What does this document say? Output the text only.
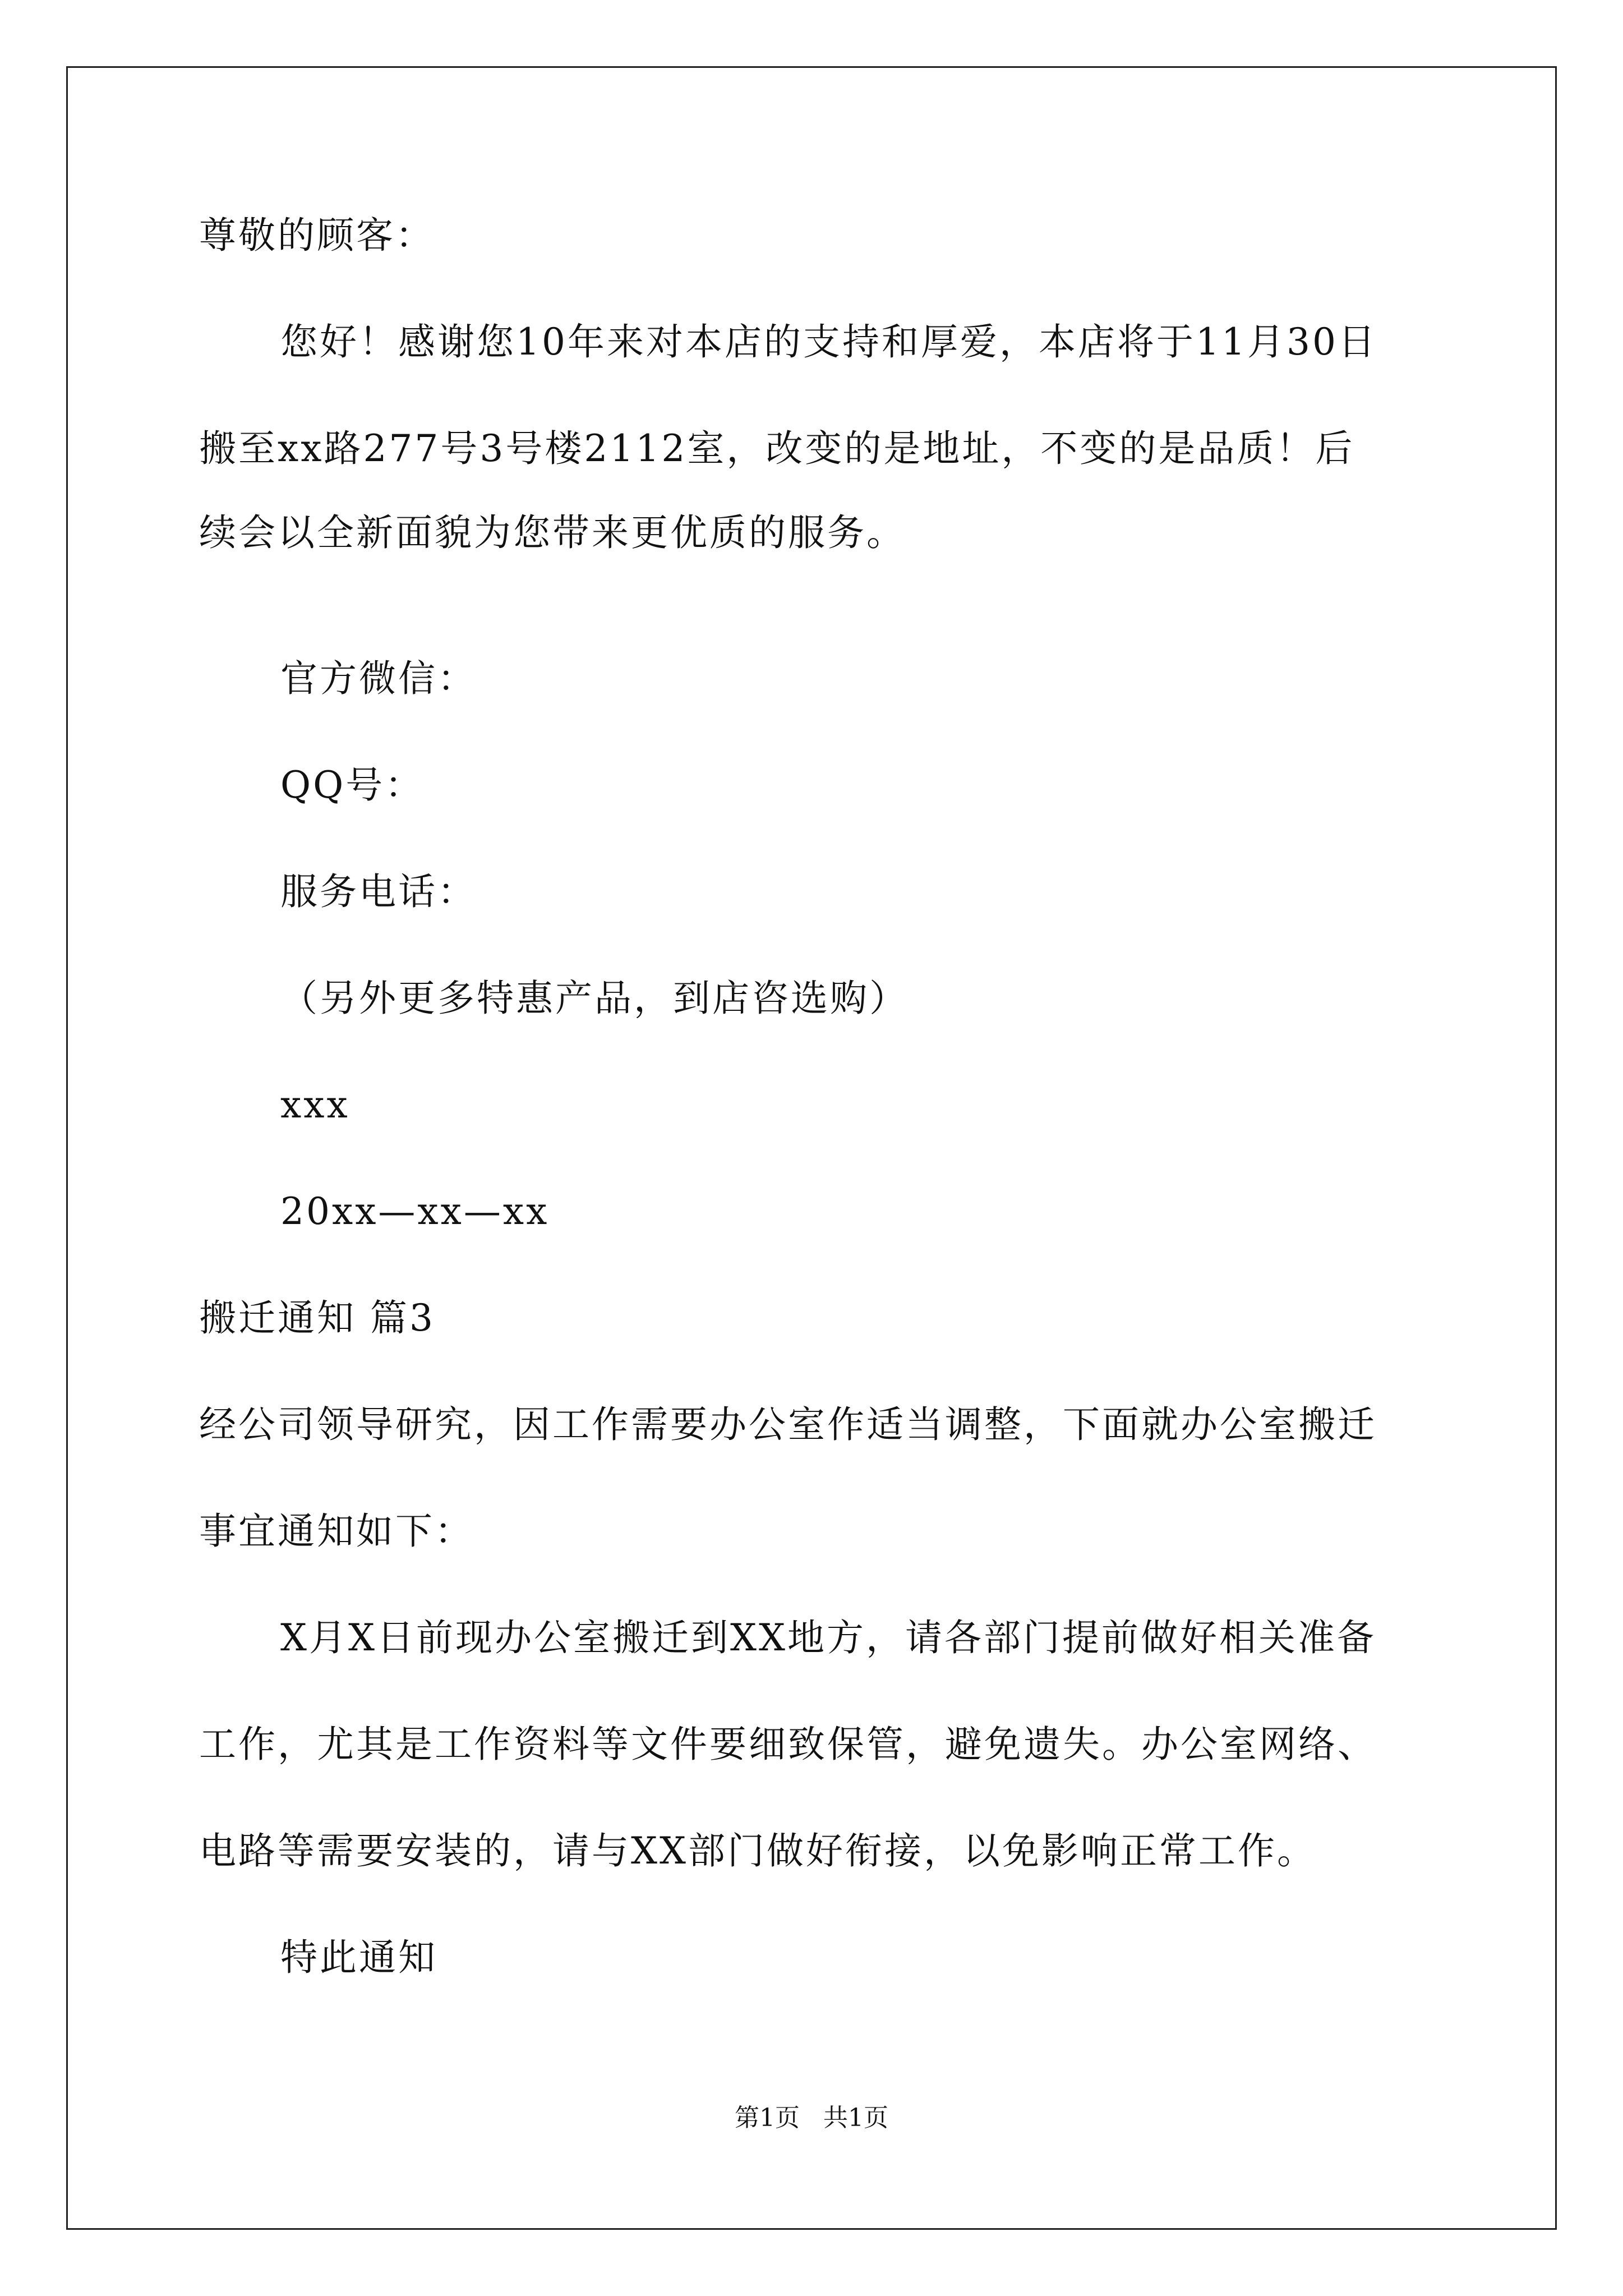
尊敬的顾客：
您好！感谢您10年来对本店的支持和厚爱，本店将于11月30日
搬至xx路277号3号楼2112室，改变的是地址，不变的是品质！后
续会以全新面貌为您带来更优质的服务。
官方微信：
QQ号：
服务电话：
（另外更多特惠产品，到店咨选购）
xxx
20xx—xx—xx
搬迁通知 篇3
经公司领导研究，因工作需要办公室作适当调整，下面就办公室搬迁
事宜通知如下：
X月X日前现办公室搬迁到XX地方，请各部门提前做好相关准备
工作，尤其是工作资料等文件要细致保管，避免遗失。办公室网络、
电路等需要安装的，请与XX部门做好衔接，以免影响正常工作。
特此通知
第1页   共1页
